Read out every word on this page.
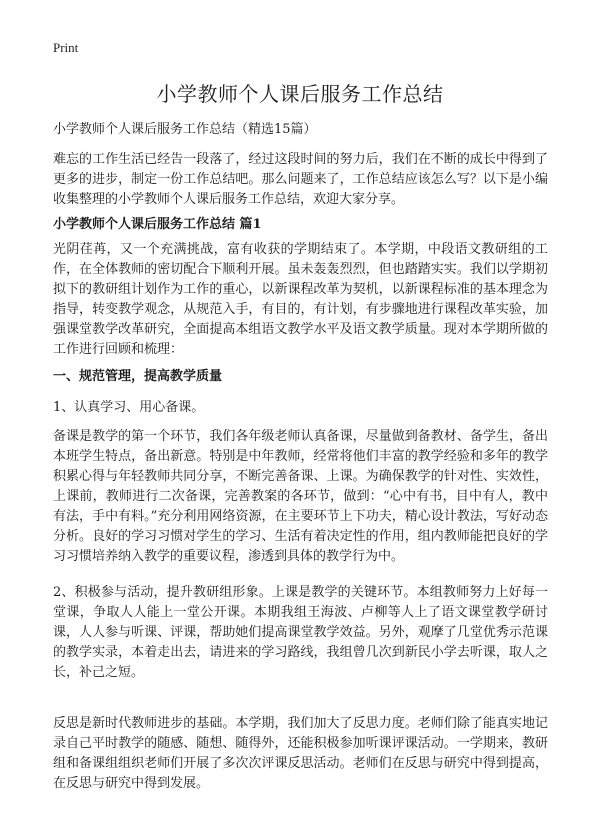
Print
小学教师个人课后服务工作总结

小学教师个人课后服务工作总结（精选15篇）

难忘的工作生活已经告一段落了，经过这段时间的努力后，我们在不断的成长中得到了更多的进步，制定一份工作总结吧。那么问题来了，工作总结应该怎么写？以下是小编收集整理的小学教师个人课后服务工作总结，欢迎大家分享。

小学教师个人课后服务工作总结 篇1

光阴荏苒，又一个充满挑战，富有收获的学期结束了。本学期，中段语文教研组的工作，在全体教师的密切配合下顺利开展。虽未轰轰烈烈，但也踏踏实实。我们以学期初拟下的教研组计划作为工作的重心，以新课程改革为契机，以新课程标准的基本理念为指导，转变教学观念，从规范入手，有目的，有计划，有步骤地进行课程改革实验，加强课堂教学改革研究，全面提高本组语文教学水平及语文教学质量。现对本学期所做的工作进行回顾和梳理：

一、规范管理，提高教学质量

1、认真学习、用心备课。

备课是教学的第一个环节，我们各年级老师认真备课，尽量做到备教材、备学生，备出本班学生特点，备出新意。特别是中年教师，经常将他们丰富的教学经验和多年的教学积累心得与年轻教师共同分享，不断完善备课、上课。为确保教学的针对性、实效性，上课前，教师进行二次备课，完善教案的各环节，做到：“心中有书，目中有人，教中有法，手中有料。”充分利用网络资源，在主要环节上下功夫，精心设计教法，写好动态分析。良好的学习习惯对学生的学习、生活有着决定性的作用，组内教师能把良好的学习习惯培养纳入教学的重要议程，渗透到具体的教学行为中。

2、积极参与活动，提升教研组形象。上课是教学的关键环节。本组教师努力上好每一堂课，争取人人能上一堂公开课。本期我组王海波、卢柳等人上了语文课堂教学研讨课，人人参与听课、评课，帮助她们提高课堂教学效益。另外，观摩了几堂优秀示范课的教学实录，本着走出去，请进来的学习路线，我组曾几次到新民小学去听课，取人之长，补己之短。

反思是新时代教师进步的基础。本学期，我们加大了反思力度。老师们除了能真实地记录自己平时教学的随感、随想、随得外，还能积极参加听课评课活动。一学期来，教研组和备课组组织老师们开展了多次次评课反思活动。老师们在反思与研究中得到提高，在反思与研究中得到发展。
